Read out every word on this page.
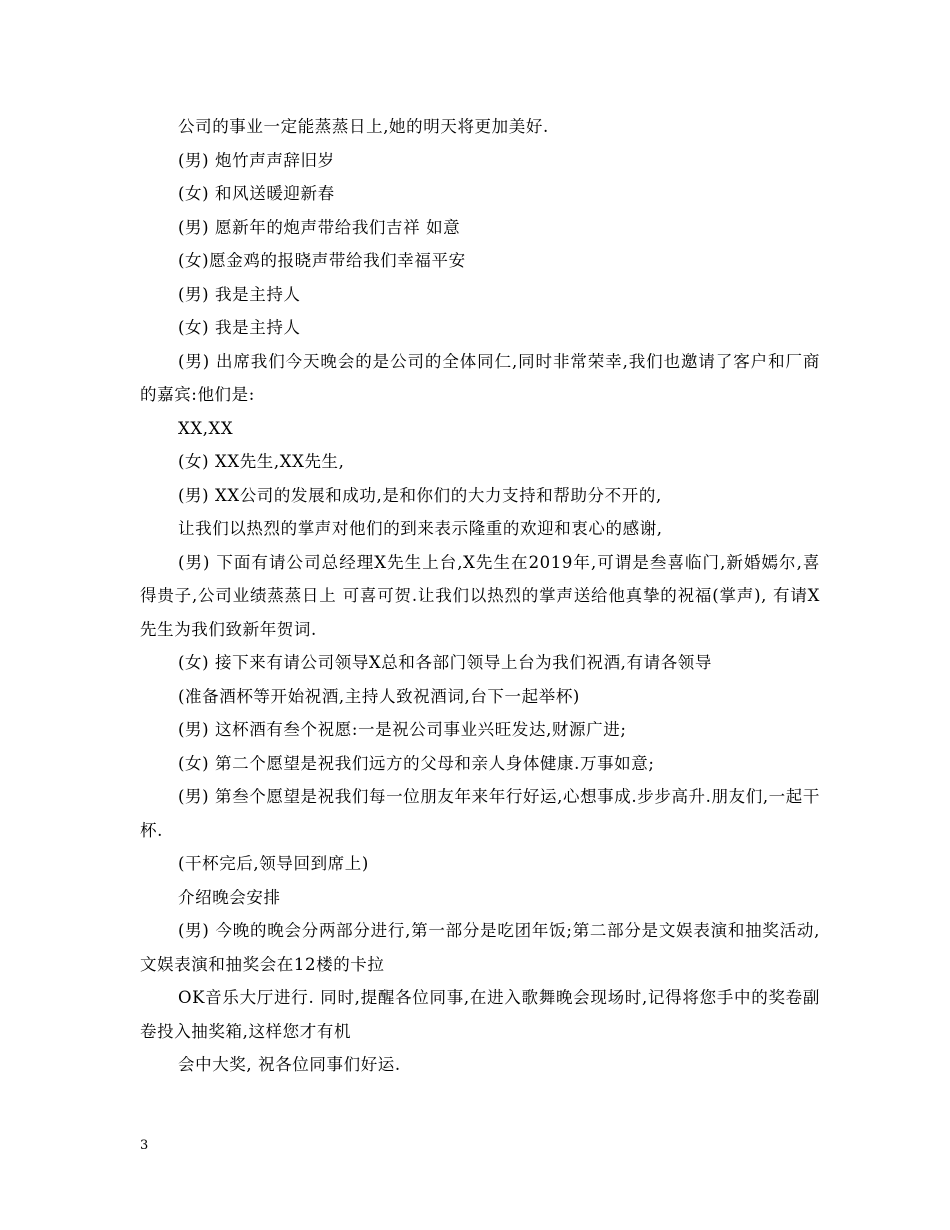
公司的事业一定能蒸蒸日上,她的明天将更加美好.

(男) 炮竹声声辞旧岁

(女) 和风送暖迎新春

(男) 愿新年的炮声带给我们吉祥 如意

(女)愿金鸡的报晓声带给我们幸福平安

(男) 我是主持人

(女) 我是主持人

(男) 出席我们今天晚会的是公司的全体同仁,同时非常荣幸,我们也邀请了客户和厂商的嘉宾:他们是:

XX,XX

(女) XX先生,XX先生,

(男) XX公司的发展和成功,是和你们的大力支持和帮助分不开的,

让我们以热烈的掌声对他们的到来表示隆重的欢迎和衷心的感谢,

(男) 下面有请公司总经理X先生上台,X先生在2019年,可谓是叁喜临门,新婚嫣尔,喜得贵子,公司业绩蒸蒸日上 可喜可贺.让我们以热烈的掌声送给他真挚的祝福(掌声), 有请X先生为我们致新年贺词.

(女) 接下来有请公司领导X总和各部门领导上台为我们祝酒,有请各领导

(准备酒杯等开始祝酒,主持人致祝酒词,台下一起举杯)

(男) 这杯酒有叁个祝愿:一是祝公司事业兴旺发达,财源广进;

(女) 第二个愿望是祝我们远方的父母和亲人身体健康.万事如意;

(男) 第叁个愿望是祝我们每一位朋友年来年行好运,心想事成.步步高升.朋友们,一起干杯.

(干杯完后,领导回到席上)

介绍晚会安排

(男) 今晚的晚会分两部分进行,第一部分是吃团年饭;第二部分是文娱表演和抽奖活动,文娱表演和抽奖会在12楼的卡拉

OK音乐大厅进行. 同时,提醒各位同事,在进入歌舞晚会现场时,记得将您手中的奖卷副卷投入抽奖箱,这样您才有机

会中大奖, 祝各位同事们好运.

3
